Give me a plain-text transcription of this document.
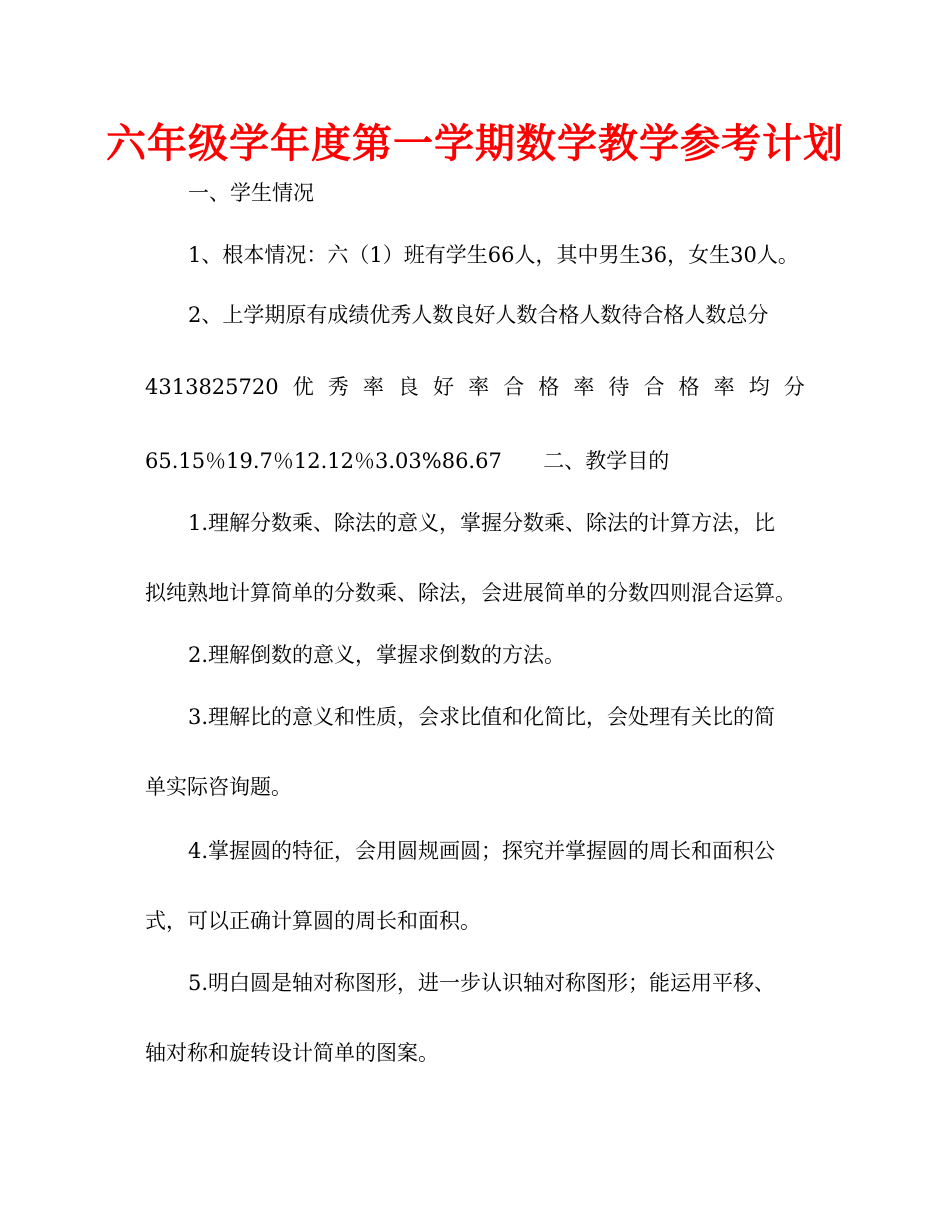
六年级学年度第一学期数学教学参考计划
一、学生情况
1、根本情况：六（1）班有学生66人，其中男生36，女生30人。
2、上学期原有成绩优秀人数良好人数合格人数待合格人数总分
4313825720 优 秀 率 良 好 率 合 格 率 待 合 格 率 均 分
65.15％19.7％12.12％3.03%86.67 二、教学目的
1.理解分数乘、除法的意义，掌握分数乘、除法的计算方法，比
拟纯熟地计算简单的分数乘、除法，会进展简单的分数四则混合运算。
2.理解倒数的意义，掌握求倒数的方法。
3.理解比的意义和性质，会求比值和化简比，会处理有关比的简
单实际咨询题。
4.掌握圆的特征，会用圆规画圆；探究并掌握圆的周长和面积公
式，可以正确计算圆的周长和面积。
5.明白圆是轴对称图形，进一步认识轴对称图形；能运用平移、
轴对称和旋转设计简单的图案。
